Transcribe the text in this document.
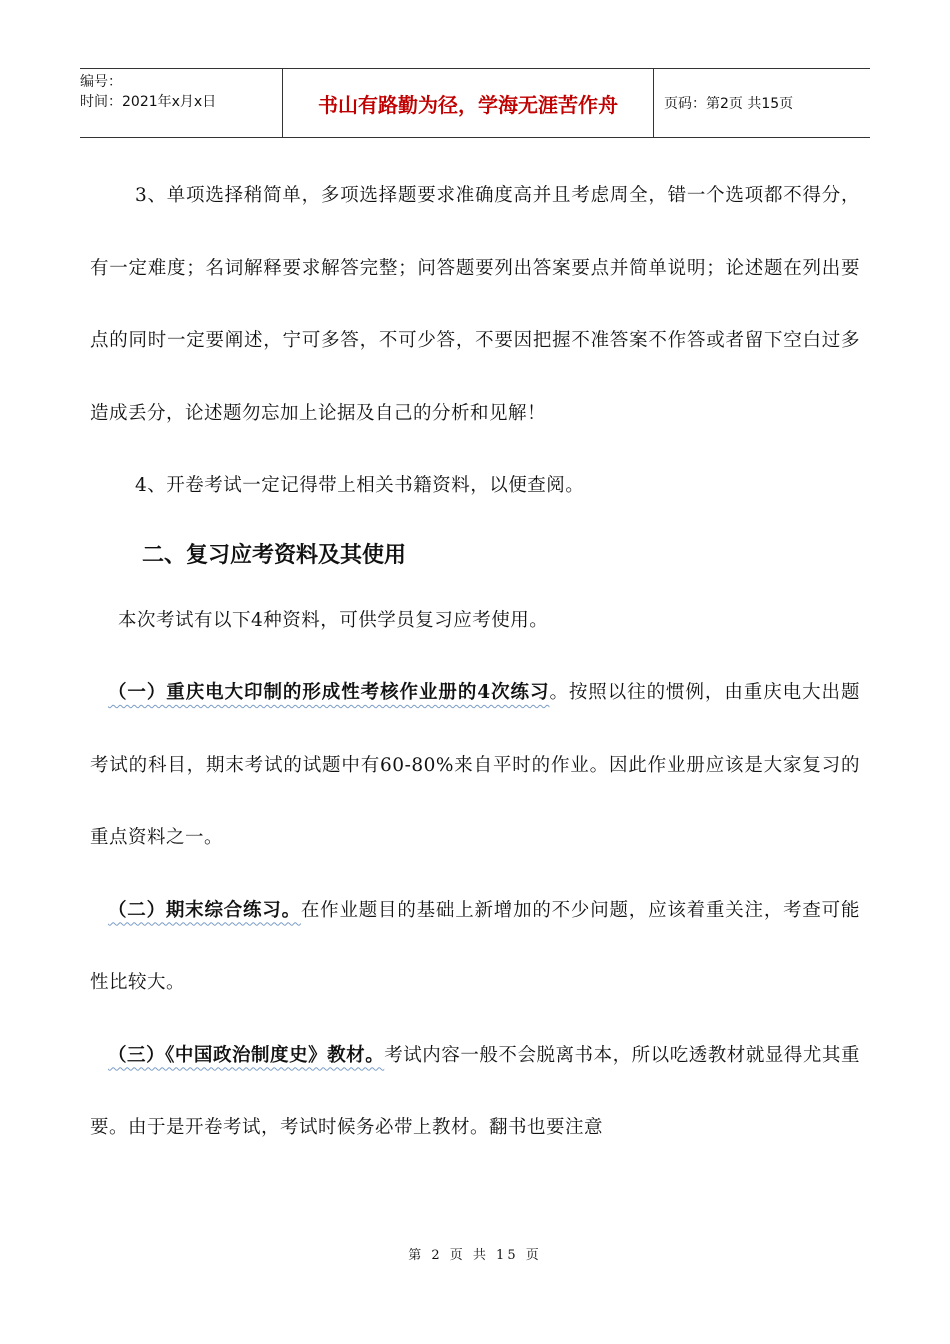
编号：
时间：2021年x月x日	书山有路勤为径，学海无涯苦作舟	页码：第2页 共15页

3、单项选择稍简单，多项选择题要求准确度高并且考虑周全，错一个选项都不得分，有一定难度；名词解释要求解答完整；问答题要列出答案要点并简单说明；论述题在列出要点的同时一定要阐述，宁可多答，不可少答，不要因把握不准答案不作答或者留下空白过多造成丢分，论述题勿忘加上论据及自己的分析和见解！

4、开卷考试一定记得带上相关书籍资料，以便查阅。

二、复习应考资料及其使用

本次考试有以下4种资料，可供学员复习应考使用。

（一）重庆电大印制的形成性考核作业册的4次练习。按照以往的惯例，由重庆电大出题考试的科目，期末考试的试题中有60-80%来自平时的作业。因此作业册应该是大家复习的重点资料之一。

（二）期末综合练习。在作业题目的基础上新增加的不少问题，应该着重关注，考查可能性比较大。

（三）《中国政治制度史》教材。考试内容一般不会脱离书本，所以吃透教材就显得尤其重要。由于是开卷考试，考试时候务必带上教材。翻书也要注意

第 2 页 共 15 页
